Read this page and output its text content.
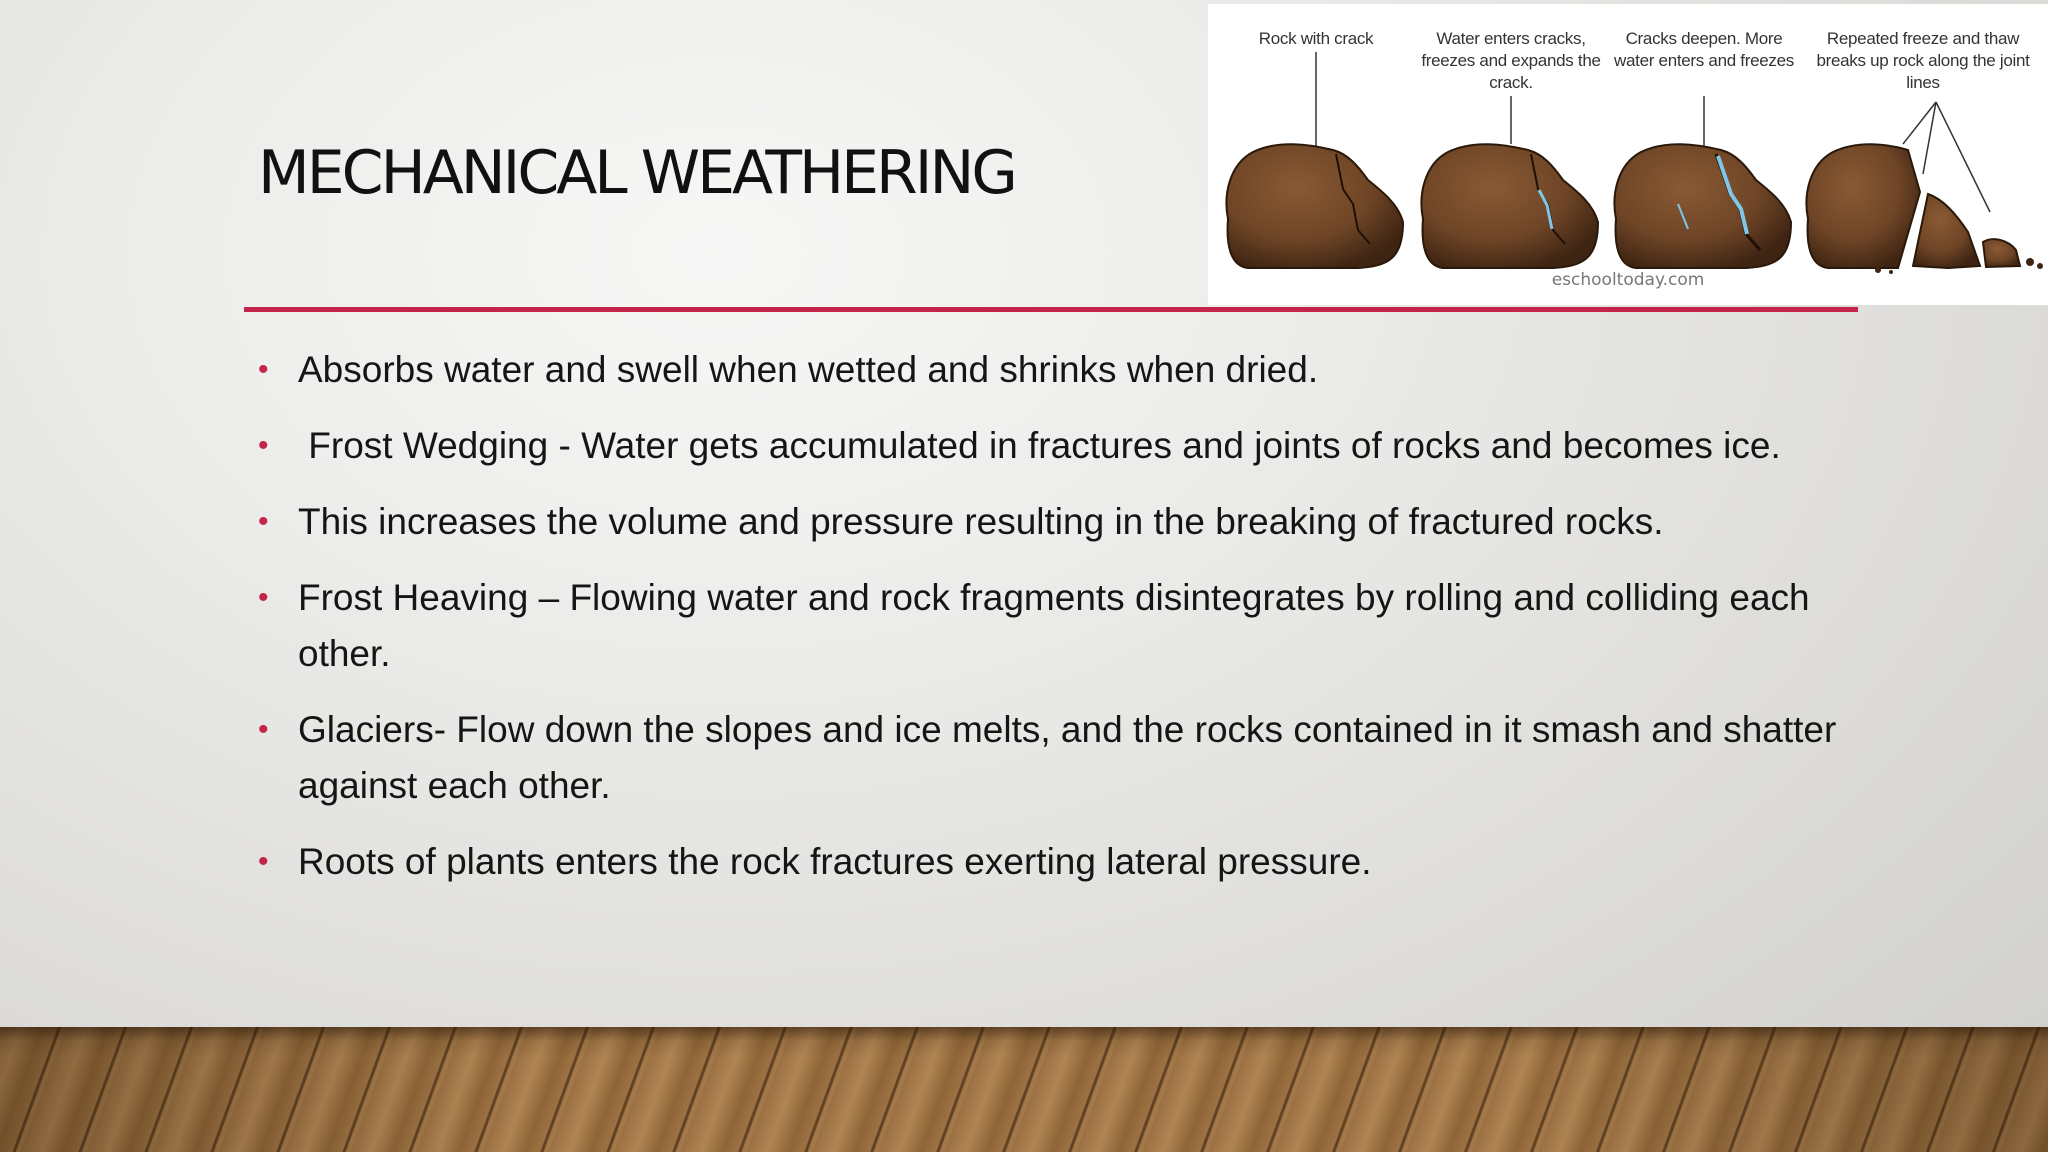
MECHANICAL WEATHERING
Rock with crack	Water enters cracks, freezes and expands the crack.
Cracks deepen. More water enters and freezes
Repeated freeze and thaw breaks up rock along the joint lines
eschooltoday.com
• Absorbs water and swell when wetted and shrinks when dried.
• Frost Wedging - Water gets accumulated in fractures and joints of rocks and becomes ice.
• This increases the volume and pressure resulting in the breaking of fractured rocks.
• Frost Heaving – Flowing water and rock fragments disintegrates by rolling and colliding each other.
• Glaciers- Flow down the slopes and ice melts, and the rocks contained in it smash and shatter against each other.
• Roots of plants enters the rock fractures exerting lateral pressure.
